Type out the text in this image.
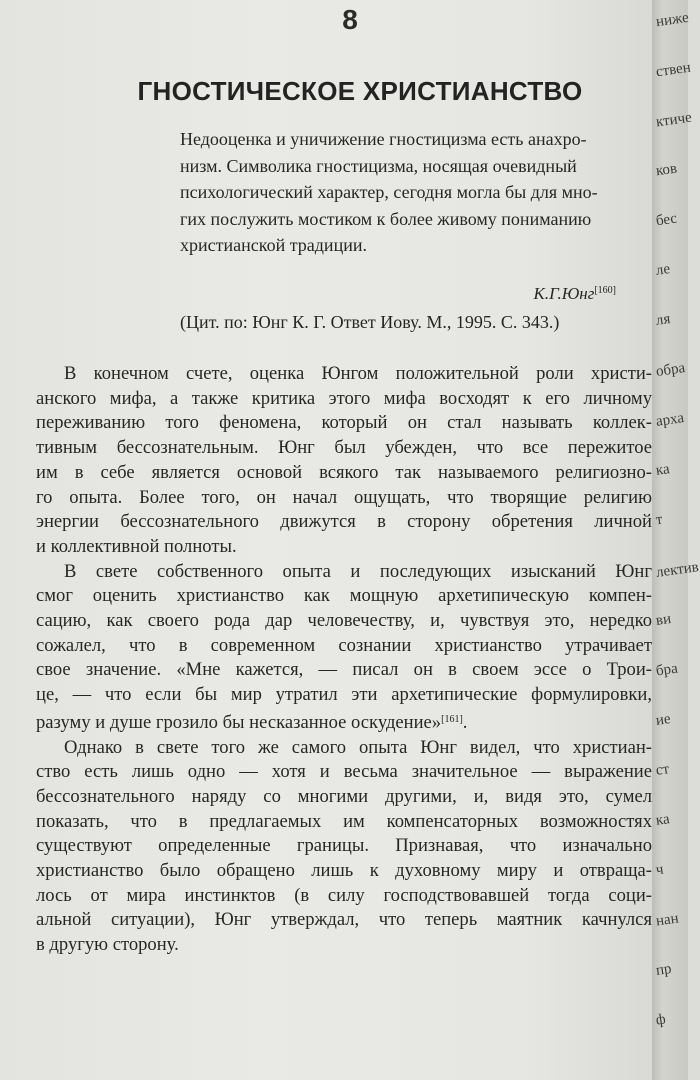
8
ГНОСТИЧЕСКОЕ ХРИСТИАНСТВО
Недооценка и уничижение гностицизма есть анахро-
низм. Символика гностицизма, носящая очевидный
психологический характер, сегодня могла бы для мно-
гих послужить мостиком к более живому пониманию
христианской традиции.
К.Г.Юнг[160]
(Цит. по: Юнг К. Г. Ответ Иову. М., 1995. С. 343.)
В конечном счете, оценка Юнгом положительной роли христи-
анского мифа, а также критика этого мифа восходят к его личному
переживанию того феномена, который он стал называть коллек-
тивным бессознательным. Юнг был убежден, что все пережитое
им в себе является основой всякого так называемого религиозно-
го опыта. Более того, он начал ощущать, что творящие религию
энергии бессознательного движутся в сторону обретения личной
и коллективной полноты.
В свете собственного опыта и последующих изысканий Юнг
смог оценить христианство как мощную архетипическую компен-
сацию, как своего рода дар человечеству, и, чувствуя это, нередко
сожалел, что в современном сознании христианство утрачивает
свое значение. «Мне кажется, — писал он в своем эссе о Трои-
це, — что если бы мир утратил эти архетипические формулировки,
разуму и душе грозило бы несказанное оскудение»[161].
Однако в свете того же самого опыта Юнг видел, что христиан-
ство есть лишь одно — хотя и весьма значительное — выражение
бессознательного наряду со многими другими, и, видя это, сумел
показать, что в предлагаемых им компенсаторных возможностях
существуют определенные границы. Признавая, что изначально
христианство было обращено лишь к духовному миру и отвраща-
лось от мира инстинктов (в силу господствовавшей тогда соци-
альной ситуации), Юнг утверждал, что теперь маятник качнулся
в другую сторону.
ниже
ствен
ктиче
ков
бес
ле
ля
обра
арха
ка
т
лектив
ви
бра
ие
ст
ка
ч
нан
пр
ф
